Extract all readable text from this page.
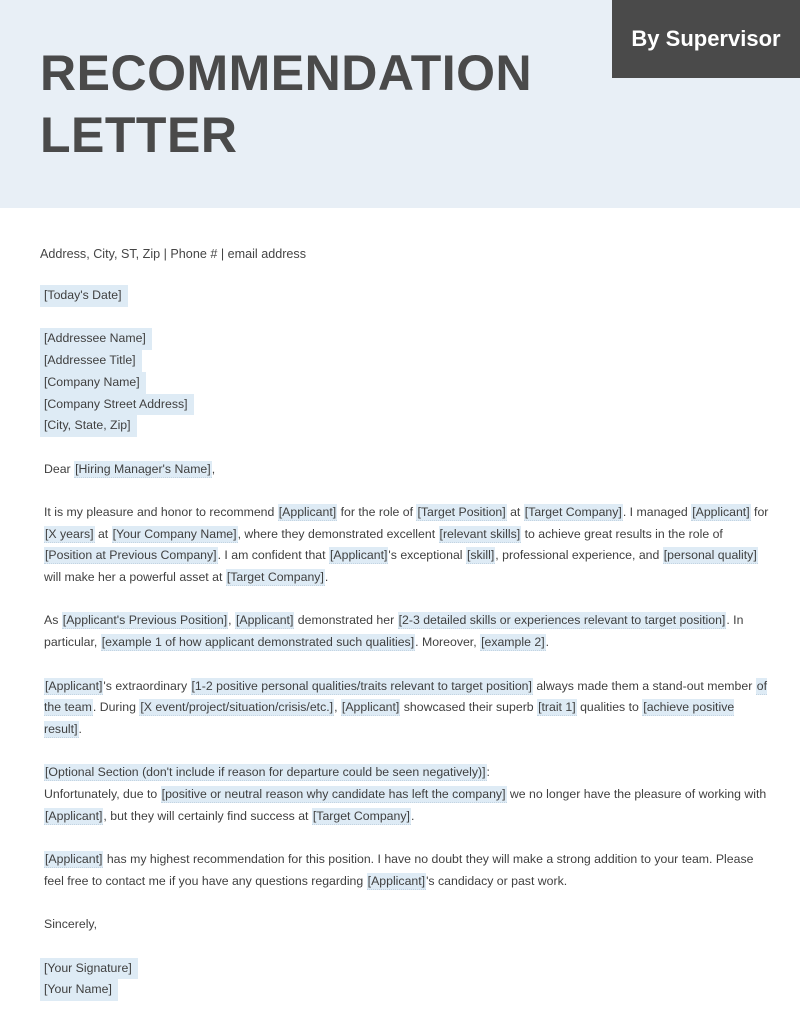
RECOMMENDATION
LETTER
By Supervisor

Address, City, ST, Zip | Phone # | email address

[Today's Date]

[Addressee Name]

[Addressee Title]

[Company Name]

[Company Street Address]

[City, State, Zip]

Dear [Hiring Manager's Name],

It is my pleasure and honor to recommend [Applicant] for the role of [Target Position] at [Target Company]. I managed [Applicant] for [X years] at [Your Company Name], where they demonstrated excellent [relevant skills] to achieve great results in the role of [Position at Previous Company]. I am confident that [Applicant]'s exceptional [skill], professional experience, and [personal quality] will make her a powerful asset at [Target Company].

As [Applicant's Previous Position], [Applicant] demonstrated her [2-3 detailed skills or experiences relevant to target position]. In particular, [example 1 of how applicant demonstrated such qualities]. Moreover, [example 2].

[Applicant]'s extraordinary [1-2 positive personal qualities/traits relevant to target position] always made them a stand-out member of the team. During [X event/project/situation/crisis/etc.], [Applicant] showcased their superb [trait 1] qualities to [achieve positive result].

[Optional Section (don't include if reason for departure could be seen negatively)]:
Unfortunately, due to [positive or neutral reason why candidate has left the company] we no longer have the pleasure of working with [Applicant], but they will certainly find success at [Target Company].

[Applicant] has my highest recommendation for this position. I have no doubt they will make a strong addition to your team. Please feel free to contact me if you have any questions regarding [Applicant]'s candidacy or past work.

Sincerely,

[Your Signature]

[Your Name]
